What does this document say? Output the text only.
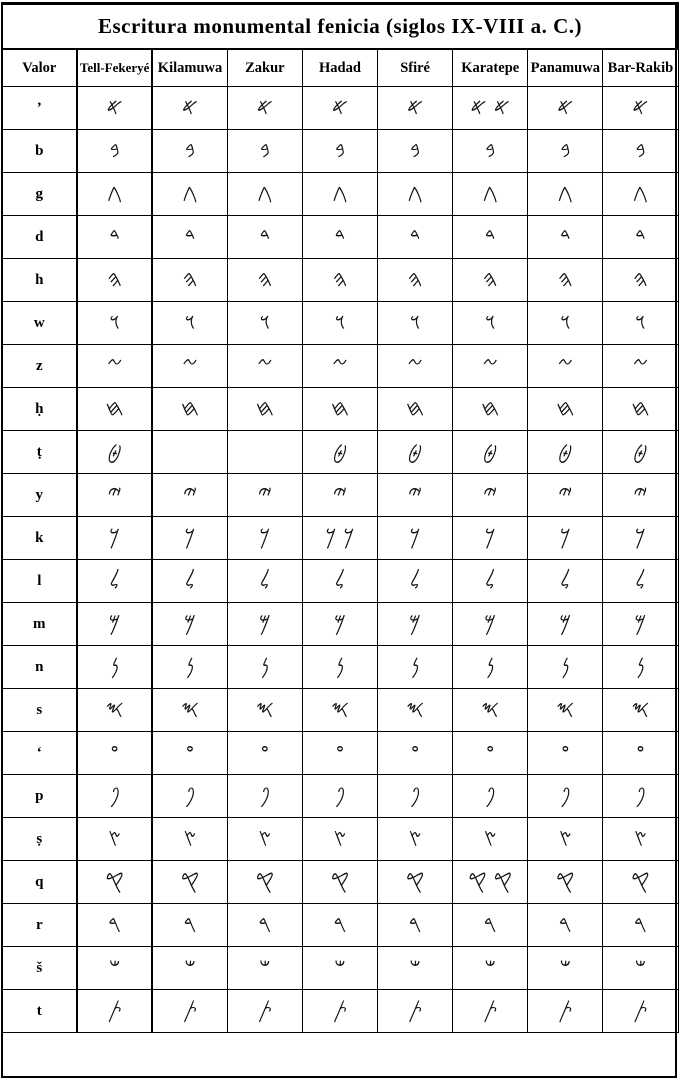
Escritura monumental fenicia (siglos IX-VIII a. C.)								
Valor	Tell-Fekeryé	Kilamuwa	Zakur	Hadad	Sfiré	Karatepe	Panamuwa	Bar-Rakib
’	𐤀	𐤀	𐤀	𐤀	𐤀	𐤀 𐤀	𐤀	𐤀
b	𐤁	𐤁	𐤁	𐤁	𐤁	𐤁	𐤁	𐤁
g	𐤂	𐤂	𐤂	𐤂	𐤂	𐤂	𐤂	𐤂
d	𐤃	𐤃	𐤃	𐤃	𐤃	𐤃	𐤃	𐤃
h	𐤄	𐤄	𐤄	𐤄	𐤄	𐤄	𐤄	𐤄
w	𐤅	𐤅	𐤅	𐤅	𐤅	𐤅	𐤅	𐤅
z	𐤆	𐤆	𐤆	𐤆	𐤆	𐤆	𐤆	𐤆
ḥ	𐤇	𐤇	𐤇	𐤇	𐤇	𐤇	𐤇	𐤇
ṭ	𐤈			𐤈	𐤈	𐤈	𐤈	𐤈
y	𐤉	𐤉	𐤉	𐤉	𐤉	𐤉	𐤉	𐤉
k	𐤊	𐤊	𐤊	𐤊 𐤊	𐤊	𐤊	𐤊	𐤊
l	𐤋	𐤋	𐤋	𐤋	𐤋	𐤋	𐤋	𐤋
m	𐤌	𐤌	𐤌	𐤌	𐤌	𐤌	𐤌	𐤌
n	𐤍	𐤍	𐤍	𐤍	𐤍	𐤍	𐤍	𐤍
s	𐤎	𐤎	𐤎	𐤎	𐤎	𐤎	𐤎	𐤎
‘	𐤏	𐤏	𐤏	𐤏	𐤏	𐤏	𐤏	𐤏
p	𐤐	𐤐	𐤐	𐤐	𐤐	𐤐	𐤐	𐤐
ṣ	𐤑	𐤑	𐤑	𐤑	𐤑	𐤑	𐤑	𐤑
q	𐤒	𐤒	𐤒	𐤒	𐤒	𐤒 𐤒	𐤒	𐤒
r	𐤓	𐤓	𐤓	𐤓	𐤓	𐤓	𐤓	𐤓
š	𐤔	𐤔	𐤔	𐤔	𐤔	𐤔	𐤔	𐤔
t	𐤕	𐤕	𐤕	𐤕	𐤕	𐤕	𐤕	𐤕
